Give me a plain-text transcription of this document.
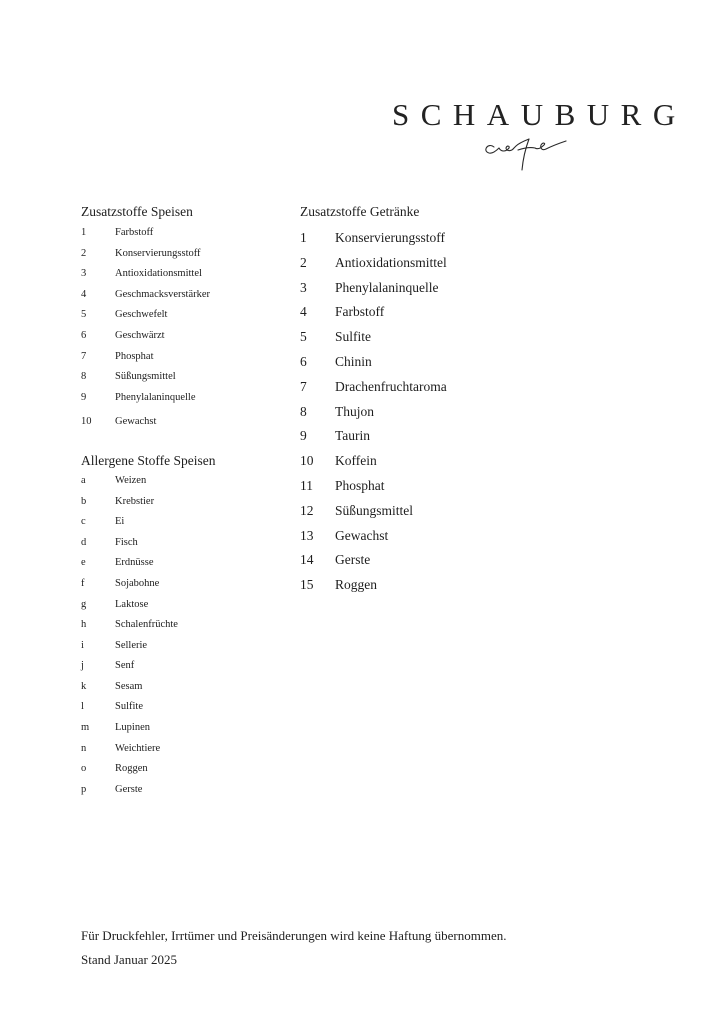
SCHAUBURG
Zusatzstoffe Speisen
1	Farbstoff
2	Konservierungsstoff
3	Antioxidationsmittel
4	Geschmacksverstärker
5	Geschwefelt
6	Geschwärzt
7	Phosphat
8	Süßungsmittel
9	Phenylalaninquelle
10	Gewachst
Allergene Stoffe Speisen
a	Weizen
b	Krebstier
c	Ei
d	Fisch
e	Erdnüsse
f	Sojabohne
g	Laktose
h	Schalenfrüchte
i	Sellerie
j	Senf
k	Sesam
l	Sulfite
m	Lupinen
n	Weichtiere
o	Roggen
p	Gerste
Zusatzstoffe Getränke
1	Konservierungsstoff
2	Antioxidationsmittel
3	Phenylalaninquelle
4	Farbstoff
5	Sulfite
6	Chinin
7	Drachenfruchtaroma
8	Thujon
9	Taurin
10	Koffein
11	Phosphat
12	Süßungsmittel
13	Gewachst
14	Gerste
15	Roggen

Für Druckfehler, Irrtümer und Preisänderungen wird keine Haftung übernommen.

Stand Januar 2025
